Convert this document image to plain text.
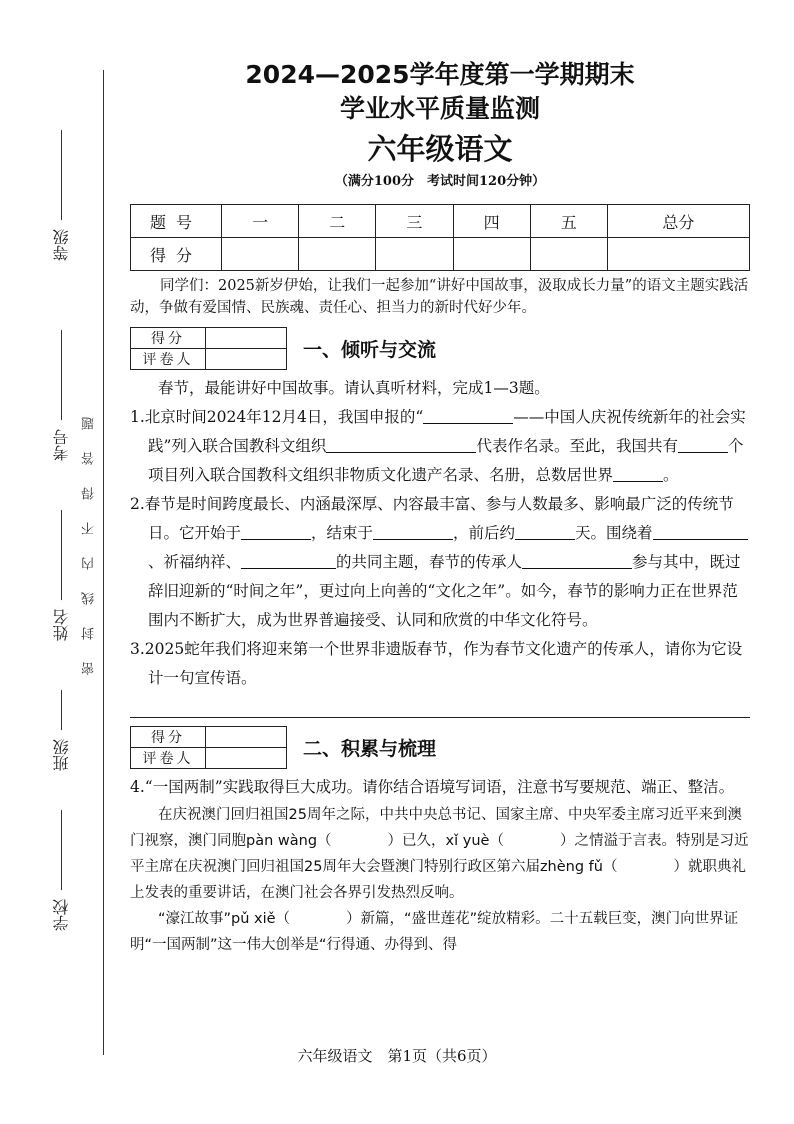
等级
考号
姓名
班级
学校
密封线内不得答题
2024—2025学年度第一学期期末
学业水平质量监测
六年级语文
（满分100分　考试时间120分钟）
题号	一	二	三	四	五	总分
得分						
同学们：2025新岁伊始，让我们一起参加“讲好中国故事，汲取成长力量”的语文主题实践活动，争做有爱国情、民族魂、责任心、担当力的新时代好少年。
得分	
评卷人		一、倾听与交流
春节，最能讲好中国故事。请认真听材料，完成1—3题。
1.北京时间2024年12月4日，我国申报的“	——中国人庆祝传统新年的社会实践”列入联合国教科文组织	代表作名录。至此，我国共有	个项目列入联合国教科文组织非物质文化遗产名录、名册，总数居世界	。
2.春节是时间跨度最长、内涵最深厚、内容最丰富、参与人数最多、影响最广泛的传统节日。它开始于	，结束于	，前后约	天。围绕着、祈福纳祥、	的共同主题，春节的传承人	参与其中，既过辞旧迎新的“时间之年”，更过向上向善的“文化之年”。如今，春节的影响力正在世界范围内不断扩大，成为世界普遍接受、认同和欣赏的中华文化符号。
3.2025蛇年我们将迎来第一个世界非遗版春节，作为春节文化遗产的传承人，请你为它设计一句宣传语。
得分	
评卷人		二、积累与梳理
4.“一国两制”实践取得巨大成功。请你结合语境写词语，注意书写要规范、端正、整洁。
在庆祝澳门回归祖国25周年之际，中共中央总书记、国家主席、中央军委主席习近平来到澳门视察，澳门同胞pàn wàng（	）已久，xǐ yuè（	）之情溢于言表。特别是习近平主席在庆祝澳门回归祖国25周年大会暨澳门特别行政区第六届zhèng fǔ（	）就职典礼上发表的重要讲话，在澳门社会各界引发热烈反响。
“濠江故事”pǔ xiě（	）新篇，“盛世莲花”绽放精彩。二十五载巨变，澳门向世界证明“一国两制”这一伟大创举是“行得通、办得到、得
六年级语文　第1页（共6页）
